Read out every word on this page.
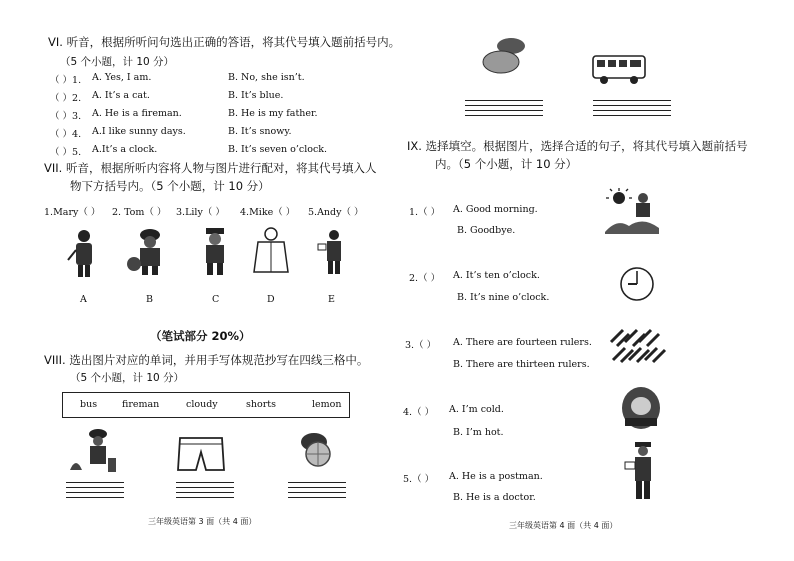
VI. 听音，根据所听问句选出正确的答语，将其代号填入题前括号内。
（5 个小题，计 10 分）
（ ）1. A. Yes, I am.	B. No, she isn’t.
（ ）2. A. It’s a cat.	B. It’s blue.
（ ）3. A. He is a fireman.	B. He is my father.
（ ）4. A.I like sunny days.	B. It’s snowy.
（ ）5. A.It’s a clock.	B. It’s seven o’clock.
VII. 听音，根据所听内容将人物与图片进行配对，将其代号填入人
物下方括号内。（5 个小题，计 10 分）
1.Mary（ ） 2. Tom（ ） 3.Lily（ ） 4.Mike（ ） 5.Andy（ ）
A	B	C	D	E
（笔试部分 20%）
VIII. 选出图片对应的单词，并用手写体规范抄写在四线三格中。
（5 个小题，计 10 分）
bus	fireman	cloudy	shorts	lemon
三年级英语第 3 面（共 4 面）
IX. 选择填空。根据图片，选择合适的句子，将其代号填入题前括号
内。（5 个小题，计 10 分）
1.（ ） A. Good morning.
B. Goodbye.
2.（ ） A. It’s ten o’clock.
B. It’s nine o’clock.
3.（ ） A. There are fourteen rulers.
B. There are thirteen rulers.
4.（ ） A. I’m cold.
B. I’m hot.
5.（ ） A. He is a postman.
B. He is a doctor.
三年级英语第 4 面（共 4 面）
